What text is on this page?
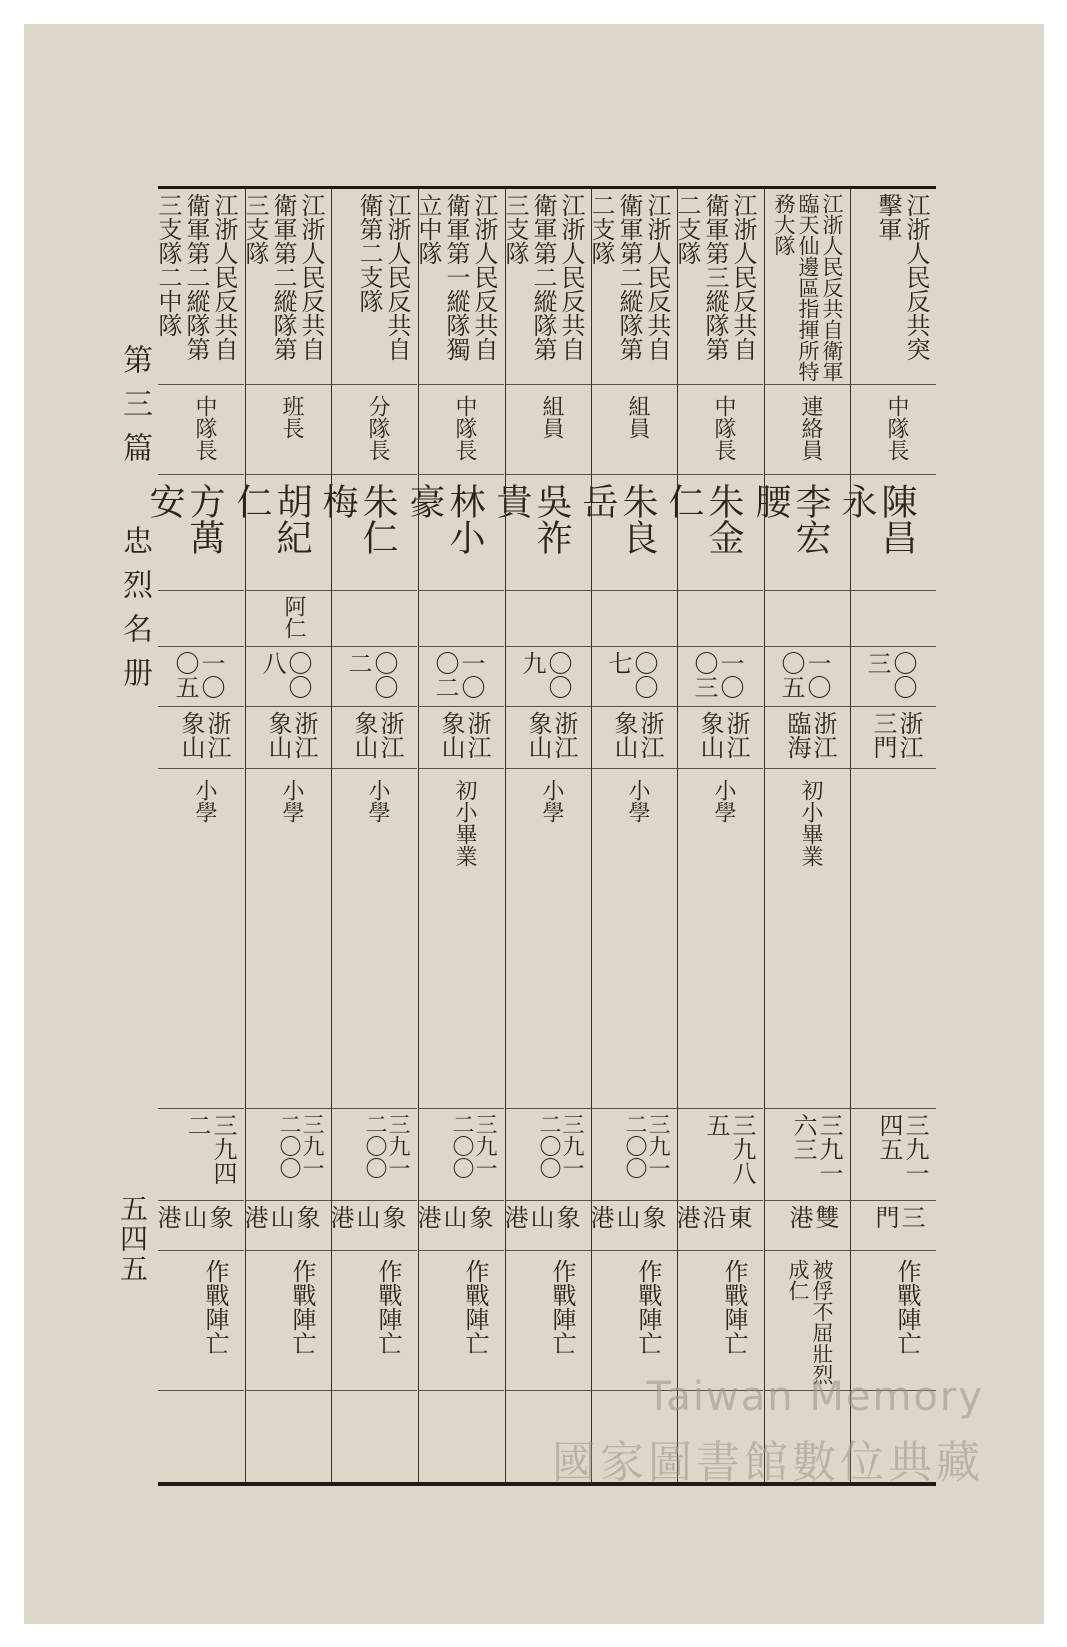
第三篇 忠烈名册
五四五
江浙人民反共突擊軍
中隊長
陳昌永
〇〇三
浙江三門
三九一四五
三門
作戰陣亡
江浙人民反共自衛軍臨天仙邊區指揮所特務大隊
連絡員
李宏腰
一〇〇五
浙江臨海
初小畢業
三九一六三
雙港
被俘不屈壯烈成仁
江浙人民反共自衛軍第三縱隊第二支隊
中隊長
朱金仁
一〇〇三
浙江象山
小學
三九八五
東沿港
作戰陣亡
江浙人民反共自衛軍第二縱隊第二支隊
組員
朱良岳
〇〇七
浙江象山
小學
三九一二〇〇
象山港
作戰陣亡
江浙人民反共自衛軍第二縱隊第三支隊
組員
吳祚貴
〇〇九
浙江象山
小學
三九一二〇〇
象山港
作戰陣亡
江浙人民反共自衛軍第一縱隊獨立中隊
中隊長
林小豪
一〇〇二
浙江象山
初小畢業
三九一二〇〇
象山港
作戰陣亡
江浙人民反共自衛第二支隊
分隊長
朱仁梅
〇〇二
浙江象山
小學
三九一二〇〇
象山港
作戰陣亡
江浙人民反共自衛軍第二縱隊第三支隊
班長
胡紀仁
阿仁
〇〇八
浙江象山
小學
三九一二〇〇
象山港
作戰陣亡
江浙人民反共自衛軍第二縱隊第三支隊二中隊
中隊長
方萬安
一〇〇五
浙江象山
小學
三九四二
象山港
作戰陣亡
Taiwan Memory
國家圖書館數位典藏
